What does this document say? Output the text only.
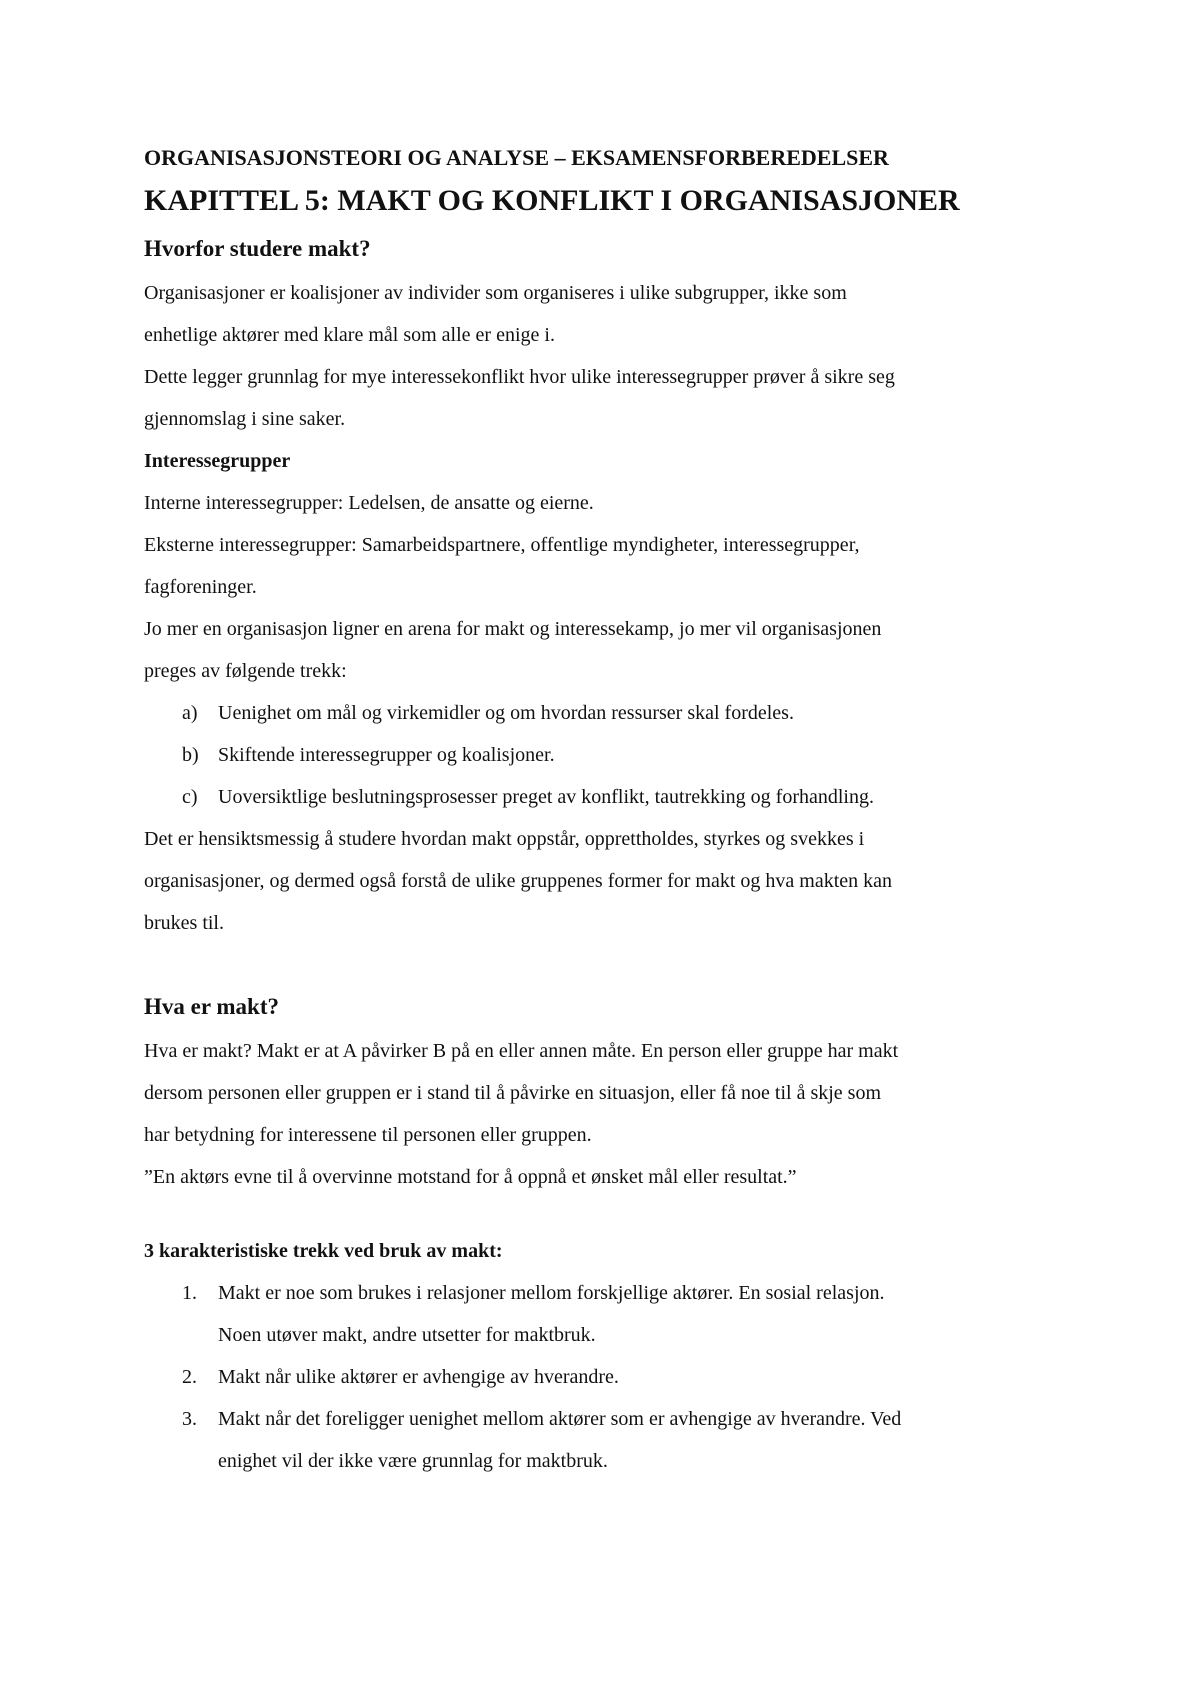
ORGANISASJONSTEORI OG ANALYSE – EKSAMENSFORBEREDELSER
KAPITTEL 5: MAKT OG KONFLIKT I ORGANISASJONER
Hvorfor studere makt?

Organisasjoner er koalisjoner av individer som organiseres i ulike subgrupper, ikke som

enhetlige aktører med klare mål som alle er enige i.

Dette legger grunnlag for mye interessekonflikt hvor ulike interessegrupper prøver å sikre seg

gjennomslag i sine saker.

Interessegrupper

Interne interessegrupper: Ledelsen, de ansatte og eierne.

Eksterne interessegrupper: Samarbeidspartnere, offentlige myndigheter, interessegrupper,

fagforeninger.

Jo mer en organisasjon ligner en arena for makt og interessekamp, jo mer vil organisasjonen

preges av følgende trekk:

a) Uenighet om mål og virkemidler og om hvordan ressurser skal fordeles.
b) Skiftende interessegrupper og koalisjoner.
c) Uoversiktlige beslutningsprosesser preget av konflikt, tautrekking og forhandling.

Det er hensiktsmessig å studere hvordan makt oppstår, opprettholdes, styrkes og svekkes i

organisasjoner, og dermed også forstå de ulike gruppenes former for makt og hva makten kan

brukes til.

Hva er makt?

Hva er makt? Makt er at A påvirker B på en eller annen måte. En person eller gruppe har makt

dersom personen eller gruppen er i stand til å påvirke en situasjon, eller få noe til å skje som

har betydning for interessene til personen eller gruppen.

”En aktørs evne til å overvinne motstand for å oppnå et ønsket mål eller resultat.”

3 karakteristiske trekk ved bruk av makt:
1. Makt er noe som brukes i relasjoner mellom forskjellige aktører. En sosial relasjon.
Noen utøver makt, andre utsetter for maktbruk.
2. Makt når ulike aktører er avhengige av hverandre.
3. Makt når det foreligger uenighet mellom aktører som er avhengige av hverandre. Ved
enighet vil der ikke være grunnlag for maktbruk.
